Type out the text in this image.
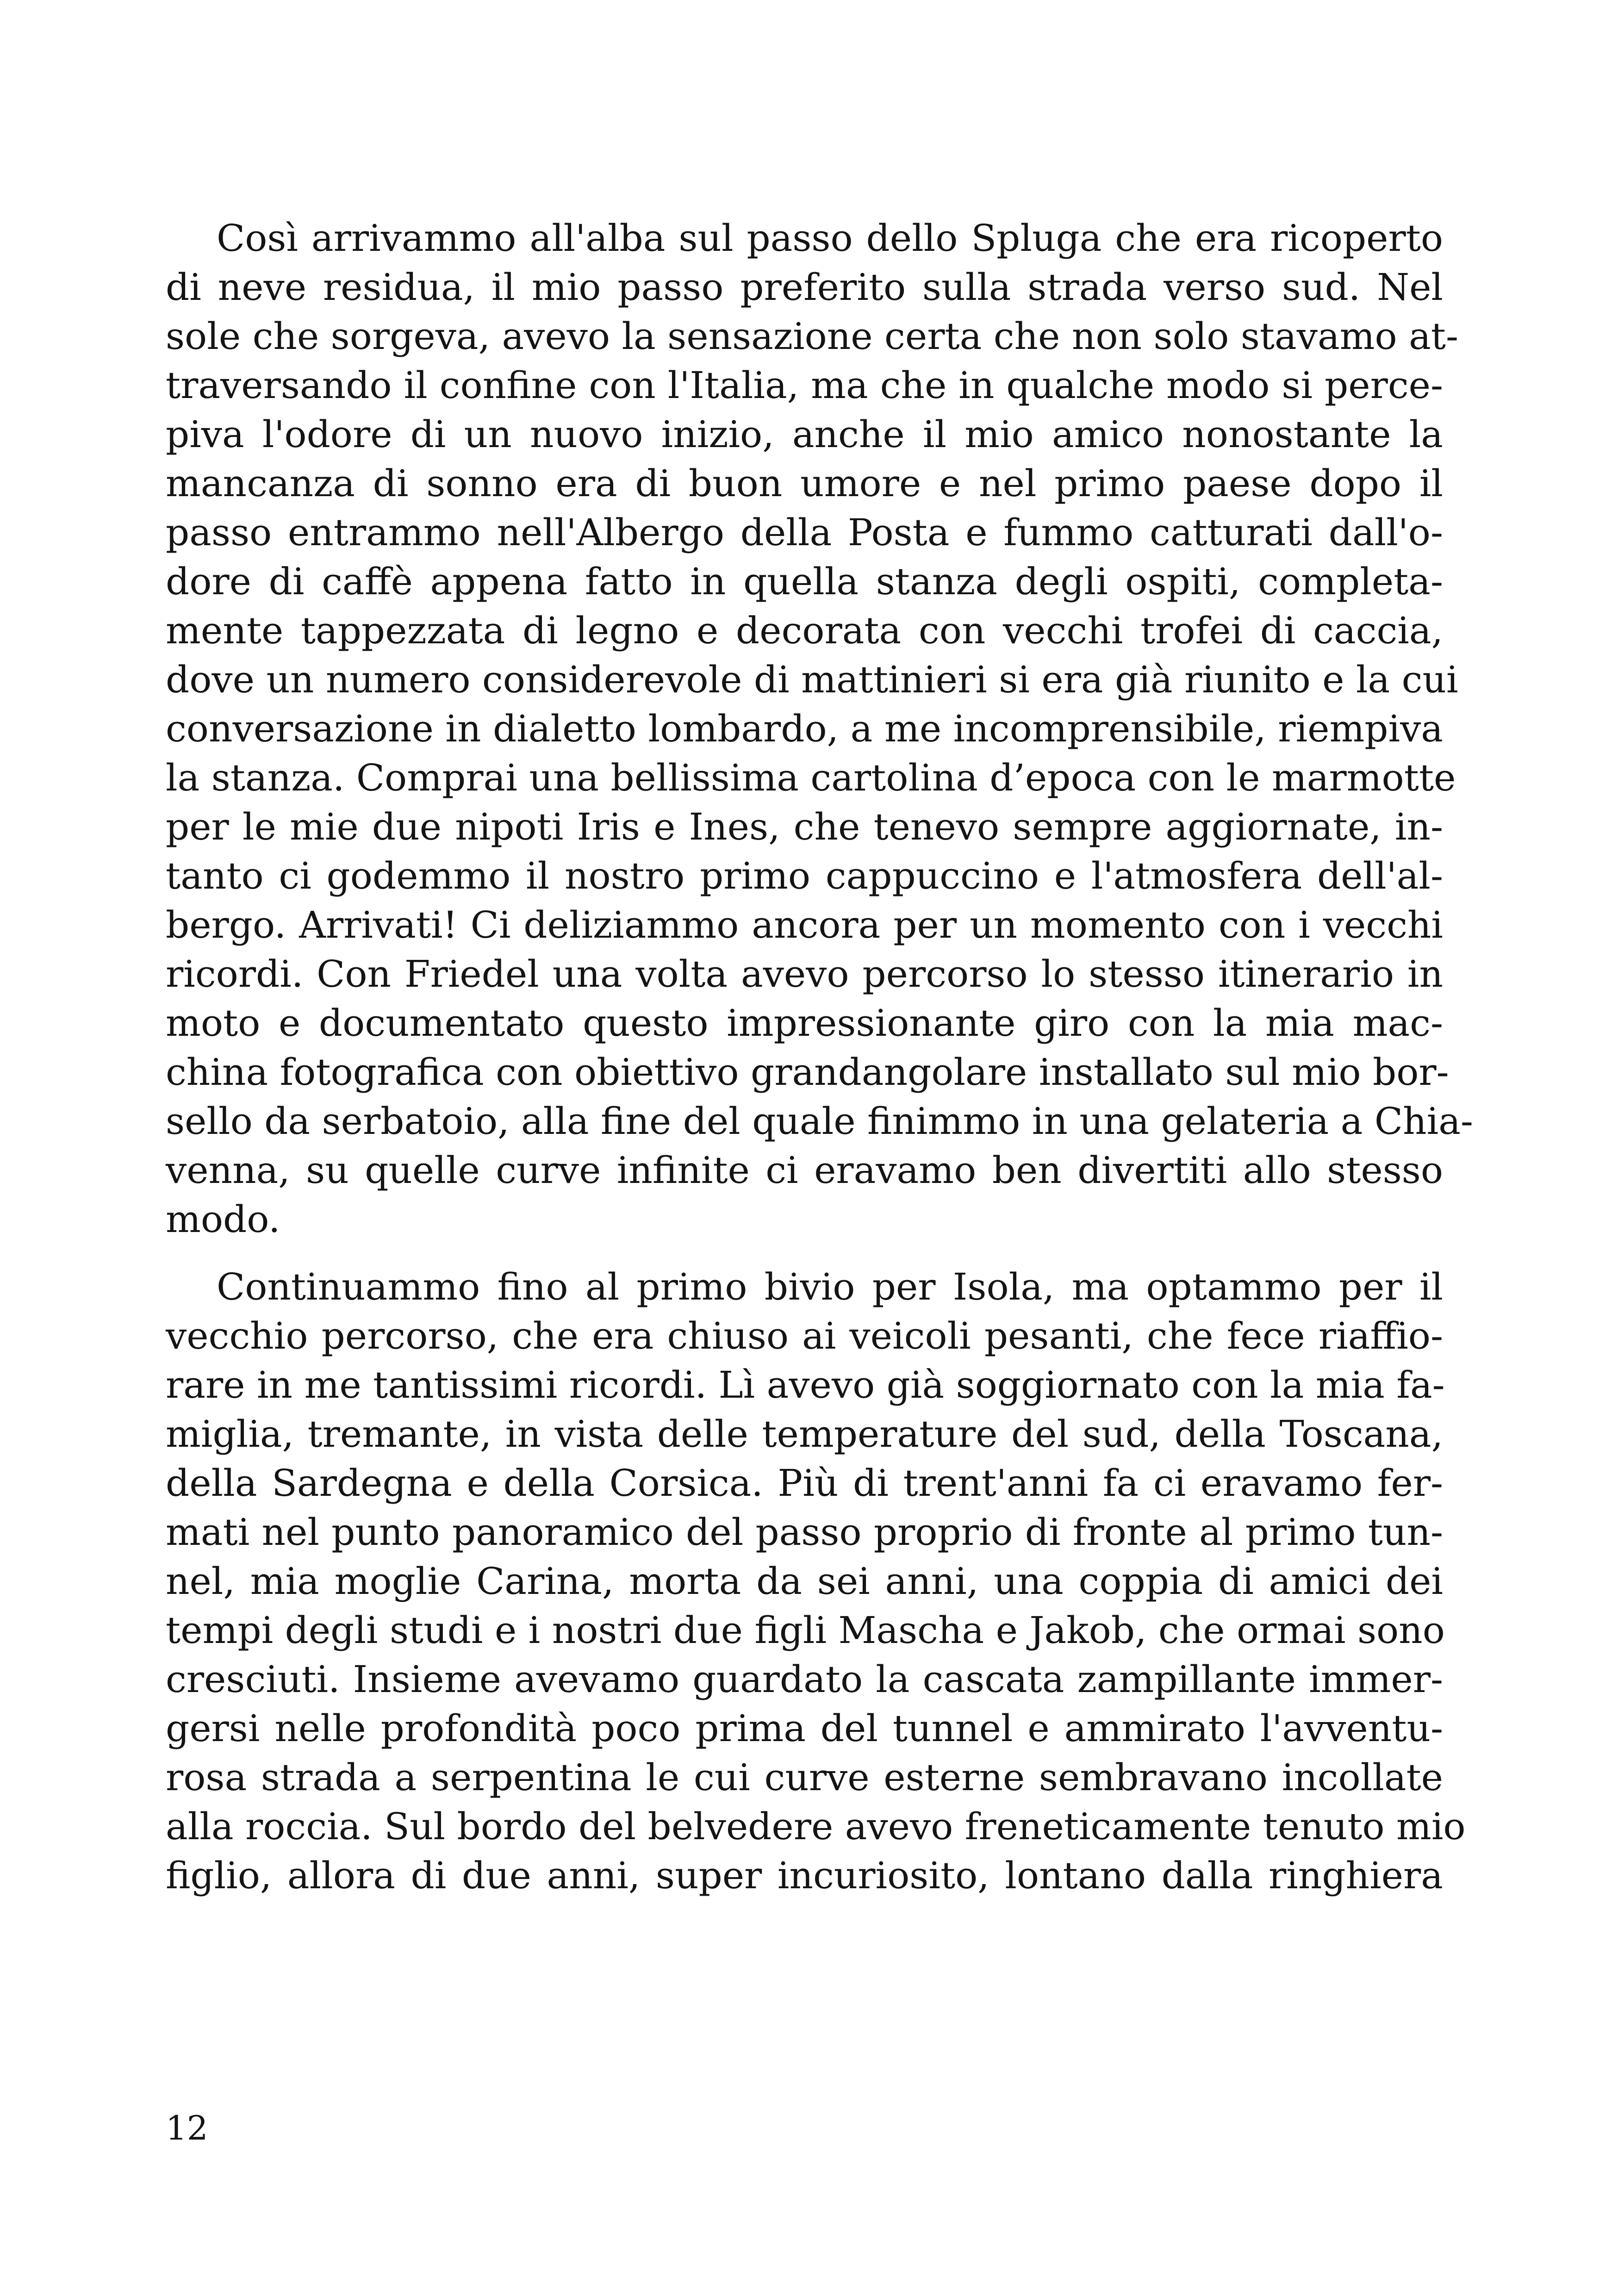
Così arrivammo all'alba sul passo dello Spluga che era ricoperto
di neve residua, il mio passo preferito sulla strada verso sud. Nel
sole che sorgeva, avevo la sensazione certa che non solo stavamo at-
traversando il confine con l'Italia, ma che in qualche modo si perce-
piva l'odore di un nuovo inizio, anche il mio amico nonostante la
mancanza di sonno era di buon umore e nel primo paese dopo il
passo entrammo nell'Albergo della Posta e fummo catturati dall'o-
dore di caffè appena fatto in quella stanza degli ospiti, completa-
mente tappezzata di legno e decorata con vecchi trofei di caccia,
dove un numero considerevole di mattinieri si era già riunito e la cui
conversazione in dialetto lombardo, a me incomprensibile, riempiva
la stanza. Comprai una bellissima cartolina d’epoca con le marmotte
per le mie due nipoti Iris e Ines, che tenevo sempre aggiornate, in-
tanto ci godemmo il nostro primo cappuccino e l'atmosfera dell'al-
bergo. Arrivati! Ci deliziammo ancora per un momento con i vecchi
ricordi. Con Friedel una volta avevo percorso lo stesso itinerario in
moto e documentato questo impressionante giro con la mia mac-
china fotografica con obiettivo grandangolare installato sul mio bor-
sello da serbatoio, alla fine del quale finimmo in una gelateria a Chia-
venna, su quelle curve infinite ci eravamo ben divertiti allo stesso
modo.

Continuammo fino al primo bivio per Isola, ma optammo per il
vecchio percorso, che era chiuso ai veicoli pesanti, che fece riaffio-
rare in me tantissimi ricordi. Lì avevo già soggiornato con la mia fa-
miglia, tremante, in vista delle temperature del sud, della Toscana,
della Sardegna e della Corsica. Più di trent'anni fa ci eravamo fer-
mati nel punto panoramico del passo proprio di fronte al primo tun-
nel, mia moglie Carina, morta da sei anni, una coppia di amici dei
tempi degli studi e i nostri due figli Mascha e Jakob, che ormai sono
cresciuti. Insieme avevamo guardato la cascata zampillante immer-
gersi nelle profondità poco prima del tunnel e ammirato l'avventu-
rosa strada a serpentina le cui curve esterne sembravano incollate
alla roccia. Sul bordo del belvedere avevo freneticamente tenuto mio
figlio, allora di due anni, super incuriosito, lontano dalla ringhiera

12
